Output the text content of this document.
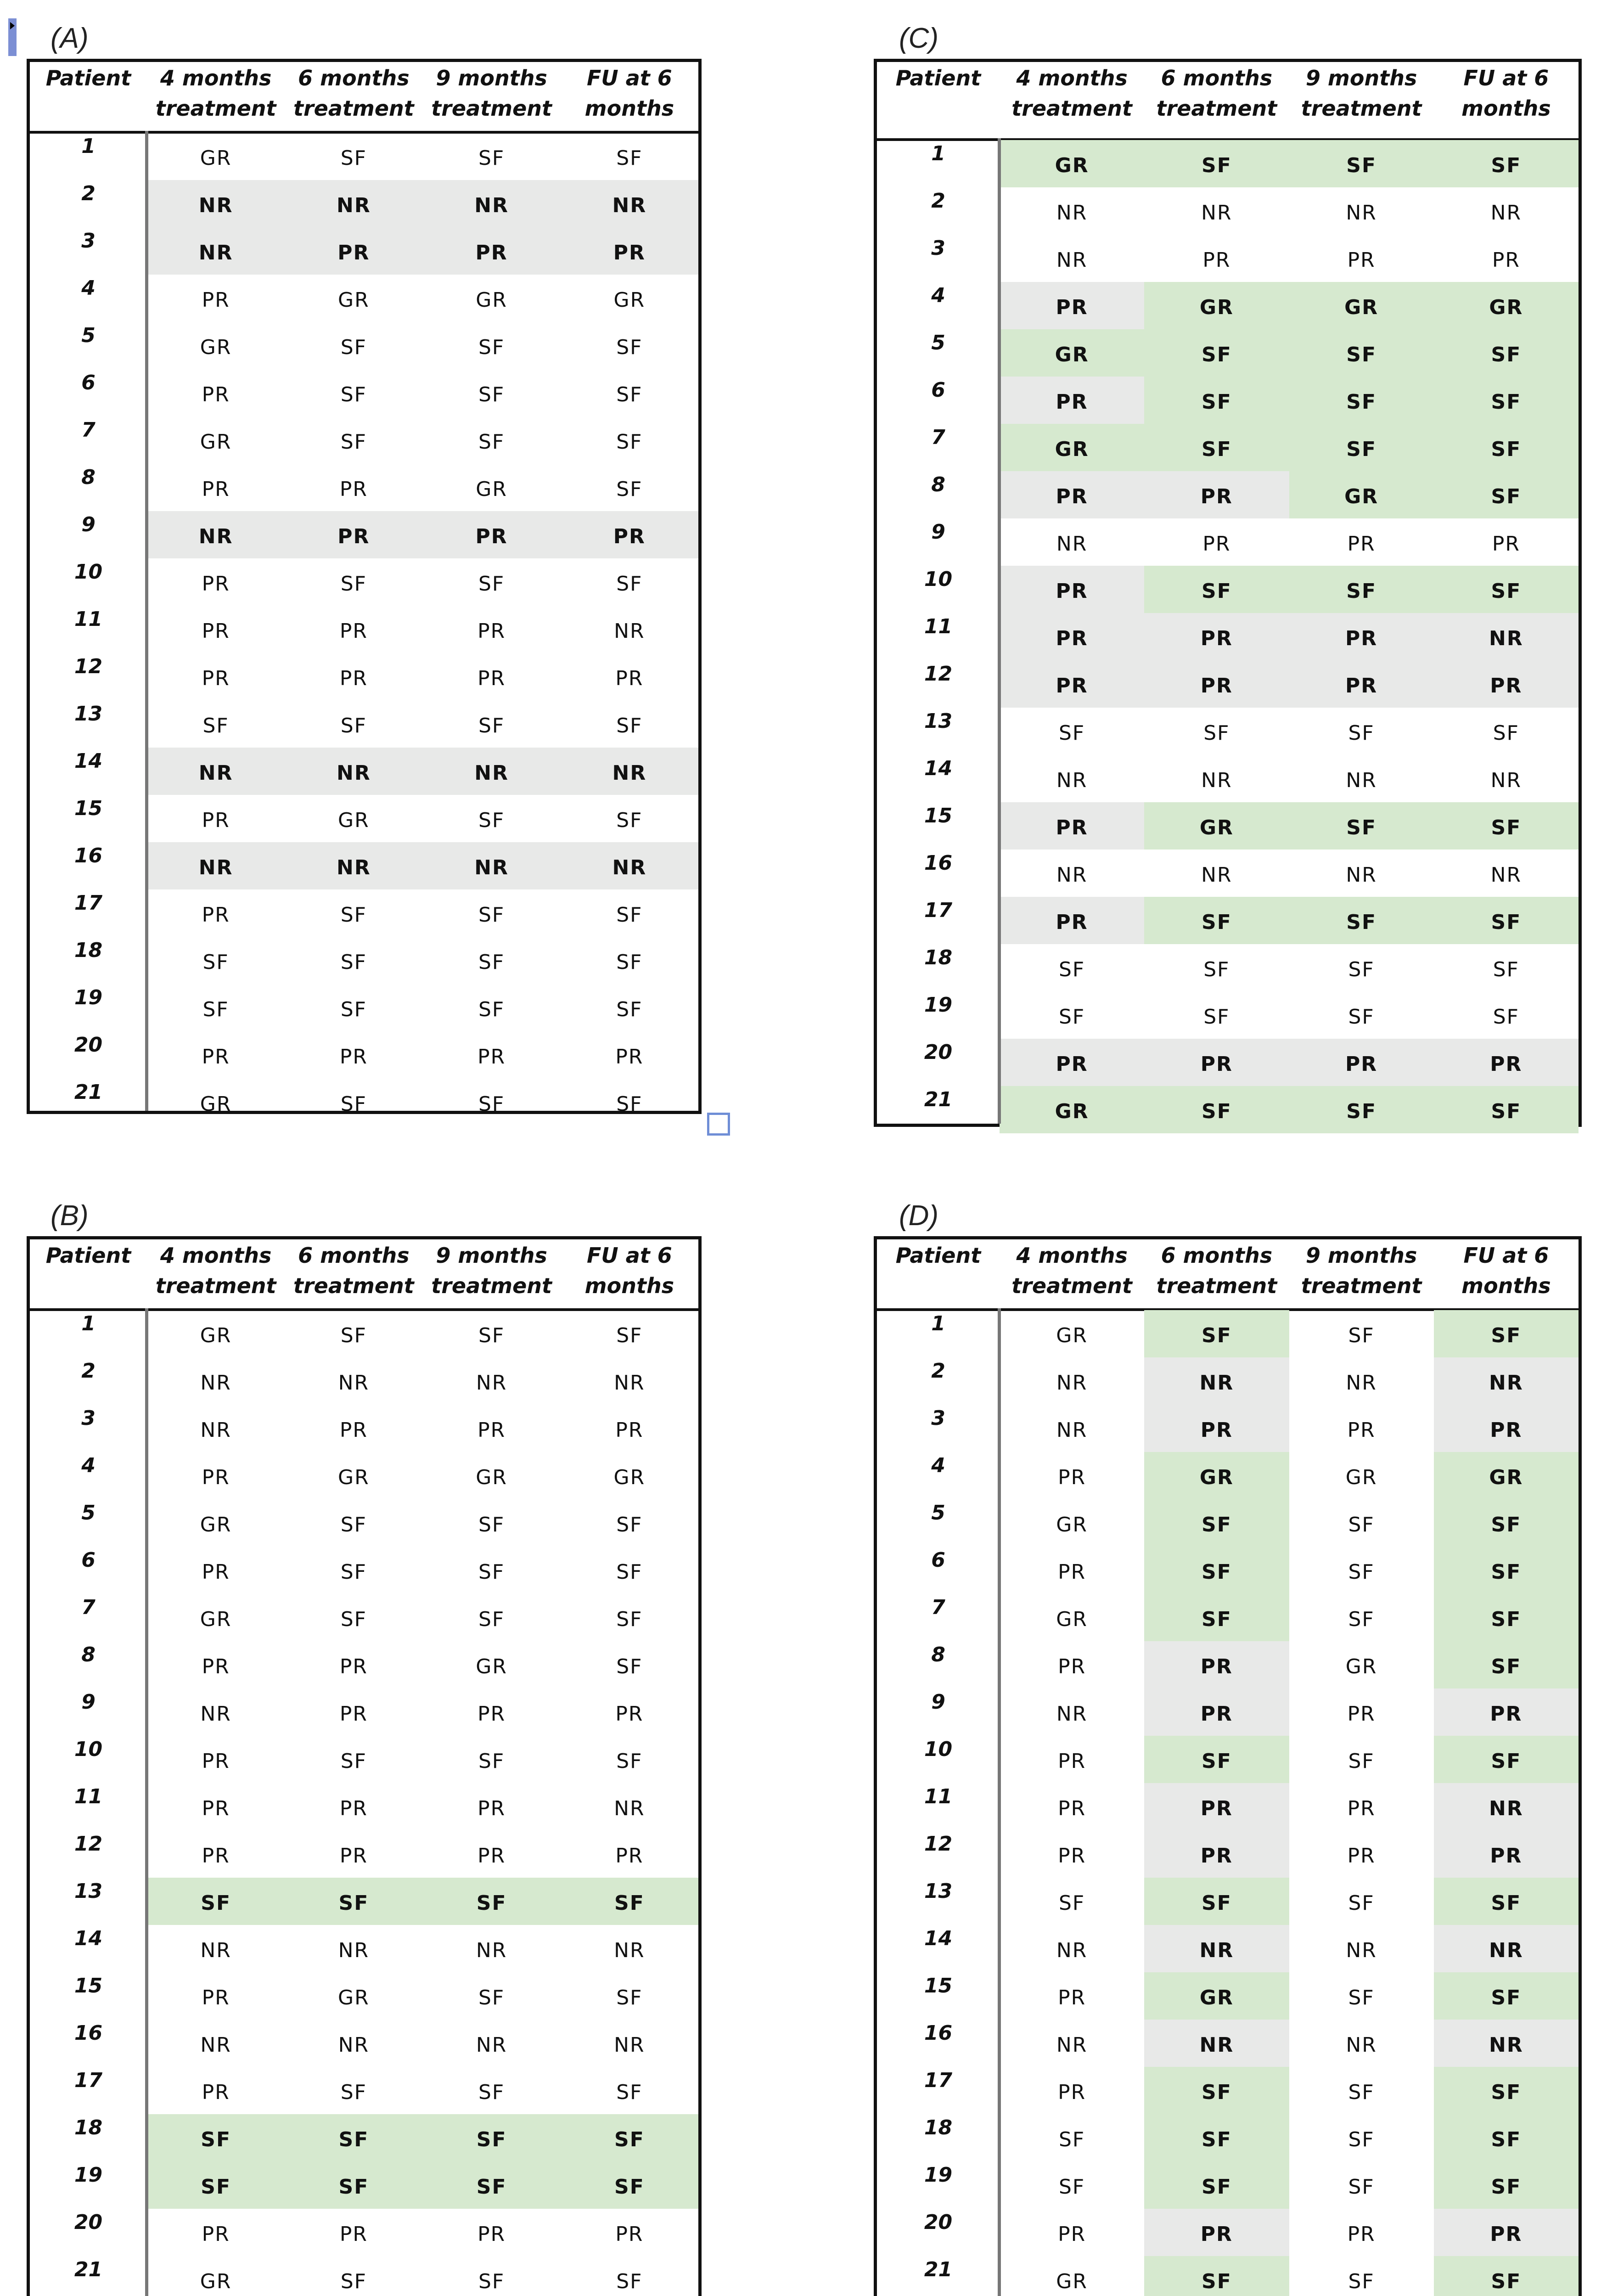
(A)
Patient	4 months
treatment
6 months
treatment
9 months
treatment
FU at 6
months
1
GR	SF	SF	SF
2
NR	NR	NR	NR
3
NR	PR	PR	PR
4
PR	GR	GR	GR
5
GR	SF	SF	SF
6
PR	SF	SF	SF
7
GR	SF	SF	SF
8
PR	PR	GR	SF
9
NR	PR	PR	PR
10
PR	SF	SF	SF
11
PR	PR	PR	NR
12
PR	PR	PR	PR
13
SF	SF	SF	SF
14
NR	NR	NR	NR
15
PR	GR	SF	SF
16
NR	NR	NR	NR
17
PR	SF	SF	SF
18
SF	SF	SF	SF
19
SF	SF	SF	SF
20
PR	PR	PR	PR
21
GR	SF	SF	SF
(B)
Patient	4 months
treatment
6 months
treatment
9 months
treatment
FU at 6
months
1
GR	SF	SF	SF
2
NR	NR	NR	NR
3
NR	PR	PR	PR
4
PR	GR	GR	GR
5
GR	SF	SF	SF
6
PR	SF	SF	SF
7
GR	SF	SF	SF
8
PR	PR	GR	SF
9
NR	PR	PR	PR
10
PR	SF	SF	SF
11
PR	PR	PR	NR
12
PR	PR	PR	PR
13
SF	SF	SF	SF
14
NR	NR	NR	NR
15
PR	GR	SF	SF
16
NR	NR	NR	NR
17
PR	SF	SF	SF
18
SF	SF	SF	SF
19
SF	SF	SF	SF
20
PR	PR	PR	PR
21
GR	SF	SF	SF
(C)
Patient	4 months
treatment
6 months
treatment
9 months
treatment
FU at 6
months
1
GR	SF	SF	SF
2
NR	NR	NR	NR
3
NR	PR	PR	PR
4
PR	GR	GR	GR
5
GR	SF	SF	SF
6
PR	SF	SF	SF
7
GR	SF	SF	SF
8
PR	PR	GR	SF
9
NR	PR	PR	PR
10
PR	SF	SF	SF
11
PR	PR	PR	NR
12
PR	PR	PR	PR
13
SF	SF	SF	SF
14
NR	NR	NR	NR
15
PR	GR	SF	SF
16
NR	NR	NR	NR
17
PR	SF	SF	SF
18
SF	SF	SF	SF
19
SF	SF	SF	SF
20
PR	PR	PR	PR
21
GR	SF	SF	SF
(D)
Patient	4 months
treatment
6 months
treatment
9 months
treatment
FU at 6
months
1
GR	SF	SF	SF
2
NR	NR	NR	NR
3
NR	PR	PR	PR
4
PR	GR	GR	GR
5
GR	SF	SF	SF
6
PR	SF	SF	SF
7
GR	SF	SF	SF
8
PR	PR	GR	SF
9
NR	PR	PR	PR
10
PR	SF	SF	SF
11
PR	PR	PR	NR
12
PR	PR	PR	PR
13
SF	SF	SF	SF
14
NR	NR	NR	NR
15
PR	GR	SF	SF
16
NR	NR	NR	NR
17
PR	SF	SF	SF
18
SF	SF	SF	SF
19
SF	SF	SF	SF
20
PR	PR	PR	PR
21
GR	SF	SF	SF
